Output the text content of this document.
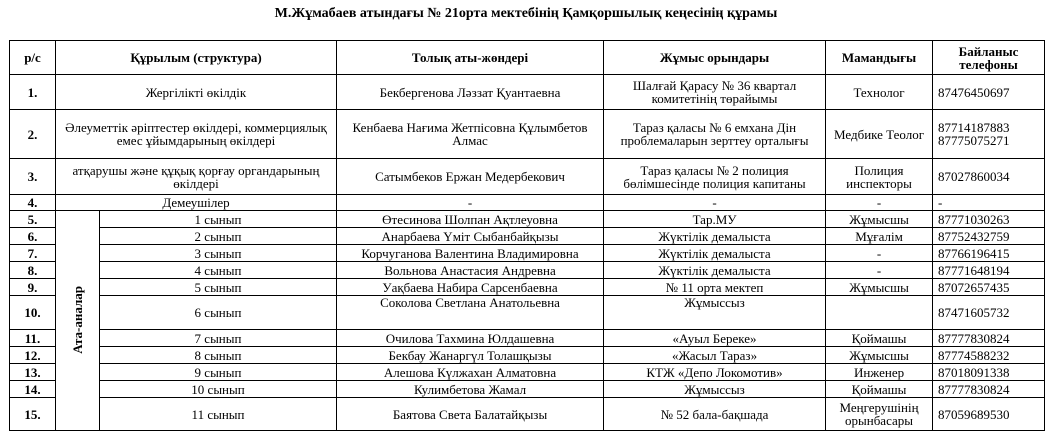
М.Жұмабаев атындағы № 21орта мектебінің Қамқоршылық кеңесінің құрамы
р/с	Құрылым (структура)		Толық аты-жөндері	Жұмыс орындары	Мамандығы	Байланыс телефоны
1.	Жергілікті өкілдік		Бекбергенова Ләззат Қуантаевна	Шалғай Қарасу № 36 квартал комитетінің төрайымы	Технолог	87476450697
2.	Әлеуметтік әріптестер өкілдері, коммерциялық емес ұйымдарының өкілдері		Кенбаева Нағима Жетпісовна Құлымбетов Алмас	Тараз қаласы № 6 емхана Дін проблемаларын зерттеу орталығы	Медбике Теолог	87714187883 87775075271
3.	атқарушы және құқық қорғау органдарының өкілдері		Сатымбеков Ержан Медербекович	Тараз қаласы № 2 полиция бөлімшесінде полиция капитаны	Полиция инспекторы	87027860034
4.	Демеушілер		-	-	-	-
5.	Ата-аналар	1 сынып	Өтесинова Шолпан Ақтлеуовна	Тар.МУ	Жұмысшы	87771030263
6.		2 сынып	Анарбаева Үміт Сыбанбайқызы	Жүктілік демалыста	Мұғалім	87752432759
7.		3 сынып	Корчуганова Валентина Владимировна	Жүктілік демалыста	-	87766196415
8.		4 сынып	Вольнова Анастасия Андревна	Жүктілік демалыста	-	87771648194
9.		5 сынып	Уақбаева Набира Сарсенбаевна	№ 11 орта мектеп	Жұмысшы	87072657435
10.		6 сынып	Соколова Светлана Анатольевна	Жұмыссыз		87471605732
11.		7 сынып	Очилова Тахмина Юлдашевна	«Ауыл Береке»	Қоймашы	87777830824
12.		8 сынып	Бекбау Жанаргүл Толашқызы	«Жасыл Тараз»	Жұмысшы	87774588232
13.		9 сынып	Алешова Күлжахан Алматовна	КТЖ «Депо Локомотив»	Инженер	87018091338
14.		10 сынып	Кулимбетова Жамал	Жұмыссыз	Қоймашы	87777830824
15.		11 сынып	Баятова Света Балатайқызы	№ 52 бала-бақшада	Меңгерушінің орынбасары	87059689530
